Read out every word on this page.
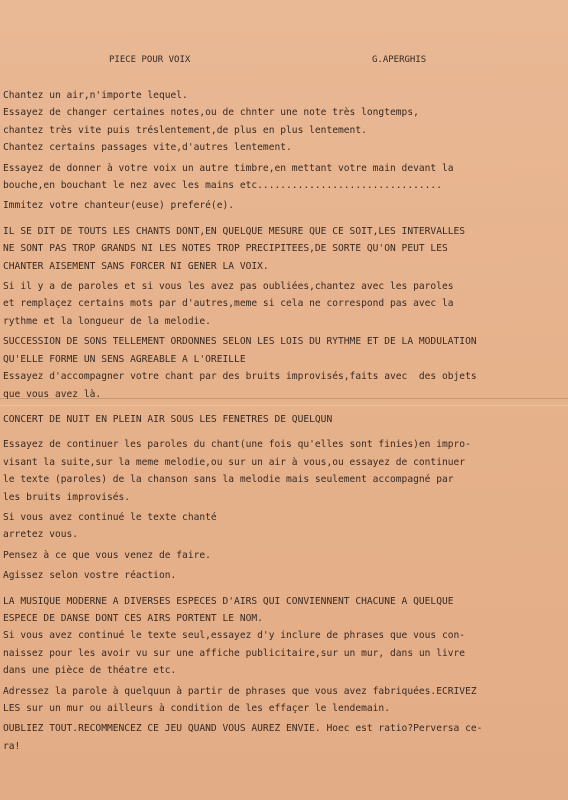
PIECE POUR VOIX	G.APERGHIS
Chantez un air,n'importe lequel.
Essayez de changer certaines notes,ou de chnter une note très longtemps,
chantez très vite puis tréslentement,de plus en plus lentement.
Chantez certains passages vite,d'autres lentement.
Essayez de donner à votre voix un autre timbre,en mettant votre main devant la
bouche,en bouchant le nez avec les mains etc................................
Immitez votre chanteur(euse) preferé(e).
IL SE DIT DE TOUTS LES CHANTS DONT,EN QUELQUE MESURE QUE CE SOIT,LES INTERVALLES
NE SONT PAS TROP GRANDS NI LES NOTES TROP PRECIPITEES,DE SORTE QU'ON PEUT LES
CHANTER AISEMENT SANS FORCER NI GENER LA VOIX.
Si il y a de paroles et si vous les avez pas oubliées,chantez avec les paroles
et remplaçez certains mots par d'autres,meme si cela ne correspond pas avec la
rythme et la longueur de la melodie.
SUCCESSION DE SONS TELLEMENT ORDONNES SELON LES LOIS DU RYTHME ET DE LA MODULATION
QU'ELLE FORME UN SENS AGREABLE A L'OREILLE
Essayez d'accompagner votre chant par des bruits improvisés,faits avec  des objets
que vous avez là.
CONCERT DE NUIT EN PLEIN AIR SOUS LES FENETRES DE QUELQUN
Essayez de continuer les paroles du chant(une fois qu'elles sont finies)en impro-
visant la suite,sur la meme melodie,ou sur un air à vous,ou essayez de continuer
le texte (paroles) de la chanson sans la melodie mais seulement accompagné par
les bruits improvisés.
Si vous avez continué le texte chanté
arretez vous.
Pensez à ce que vous venez de faire.
Agissez selon vostre réaction.
LA MUSIQUE MODERNE A DIVERSES ESPECES D'AIRS QUI CONVIENNENT CHACUNE A QUELQUE
ESPECE DE DANSE DONT CES AIRS PORTENT LE NOM.
Si vous avez continué le texte seul,essayez d'y inclure de phrases que vous con-
naissez pour les avoir vu sur une affiche publicitaire,sur un mur, dans un livre
dans une pièce de théatre etc.
Adressez la parole à quelquun à partir de phrases que vous avez fabriquées.ECRIVEZ
LES sur un mur ou ailleurs à condition de les effaçer le lendemain.
OUBLIEZ TOUT.RECOMMENCEZ CE JEU QUAND VOUS AUREZ ENVIE. Hoec est ratio?Perversa ce-
ra!
